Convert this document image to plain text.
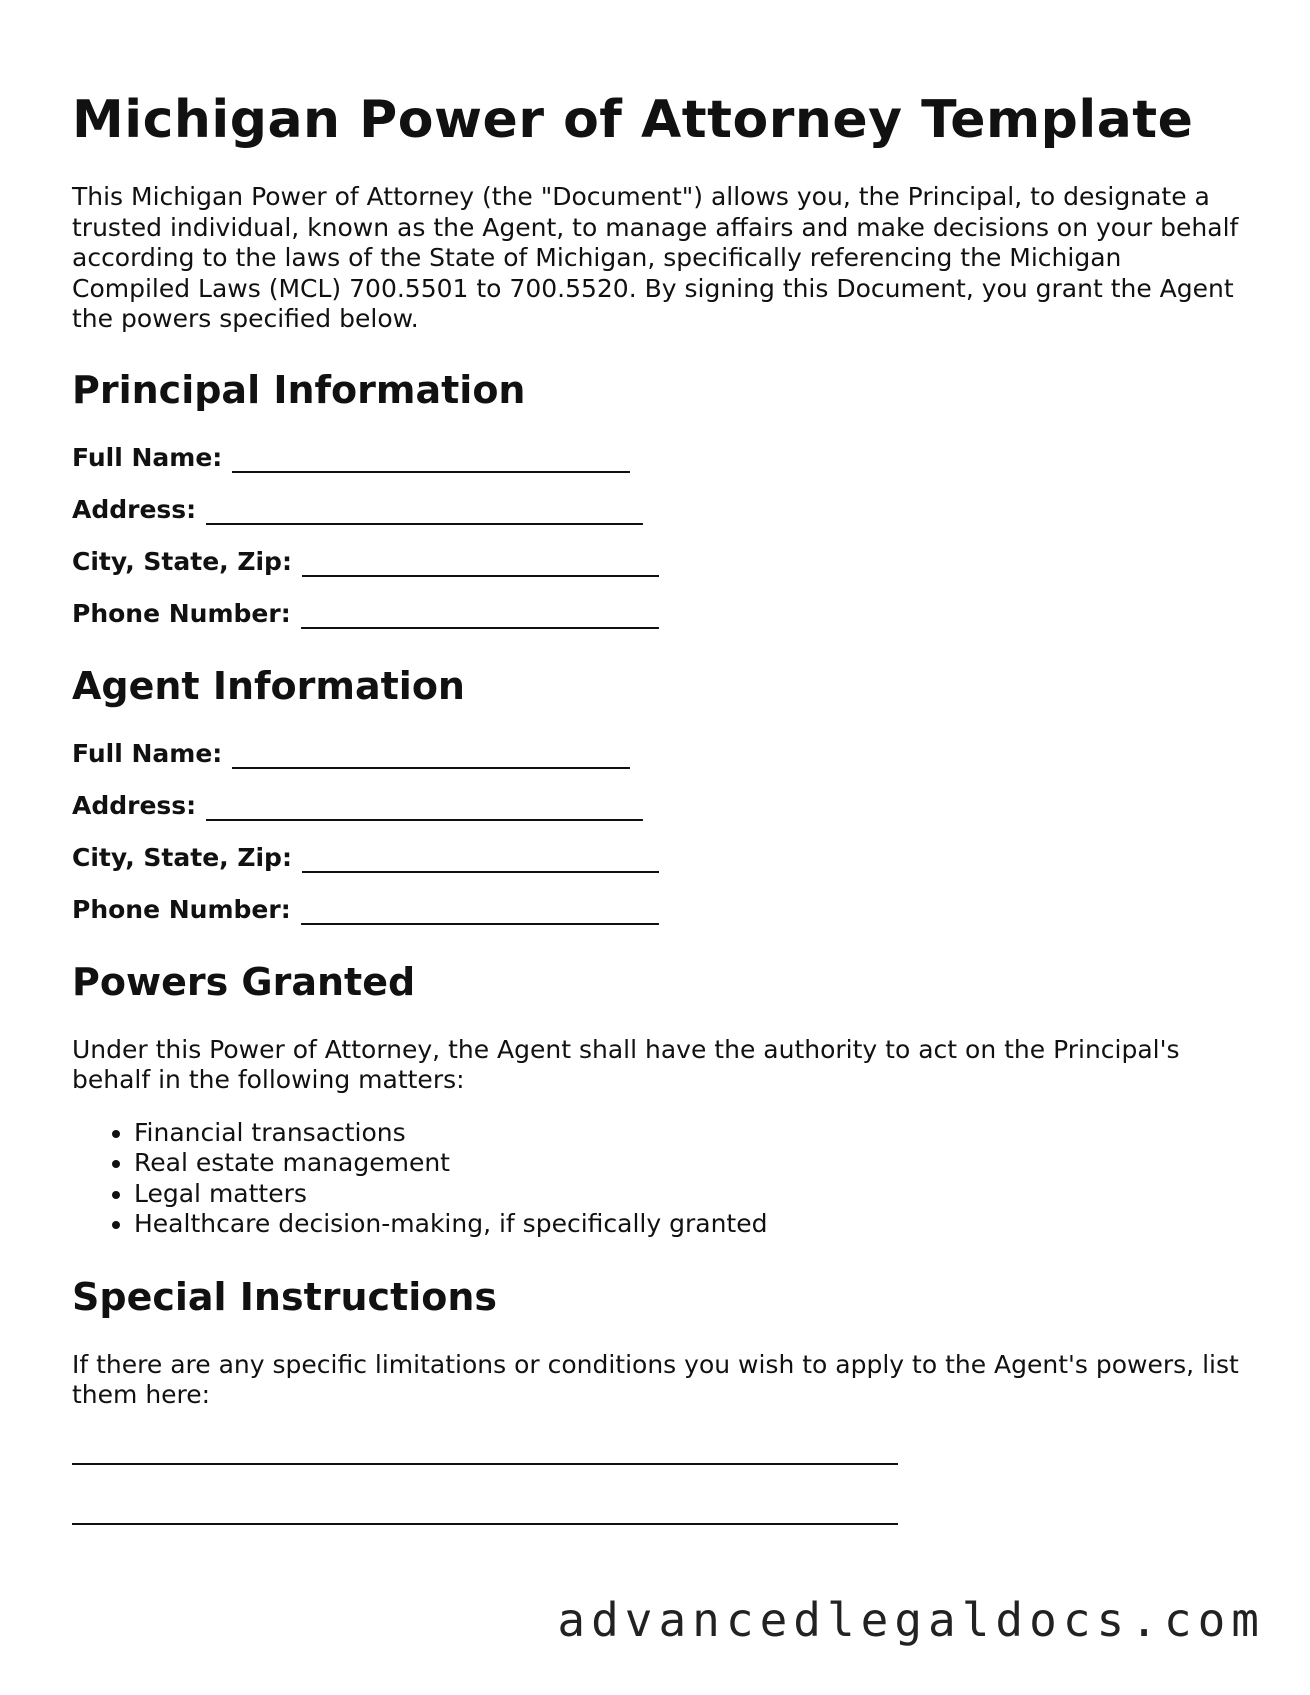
Michigan Power of Attorney Template

This Michigan Power of Attorney (the "Document") allows you, the Principal, to designate a trusted individual, known as the Agent, to manage affairs and make decisions on your behalf according to the laws of the State of Michigan, specifically referencing the Michigan Compiled Laws (MCL) 700.5501 to 700.5520. By signing this Document, you grant the Agent the powers specified below.

Principal Information
Full Name:
Address:
City, State, Zip:
Phone Number:
Agent Information
Full Name:
Address:
City, State, Zip:
Phone Number:
Powers Granted

Under this Power of Attorney, the Agent shall have the authority to act on the Principal's behalf in the following matters:

• Financial transactions
• Real estate management
• Legal matters
• Healthcare decision-making, if specifically granted
Special Instructions

If there are any specific limitations or conditions you wish to apply to the Agent's powers, list them here:

advancedlegaldocs.com
